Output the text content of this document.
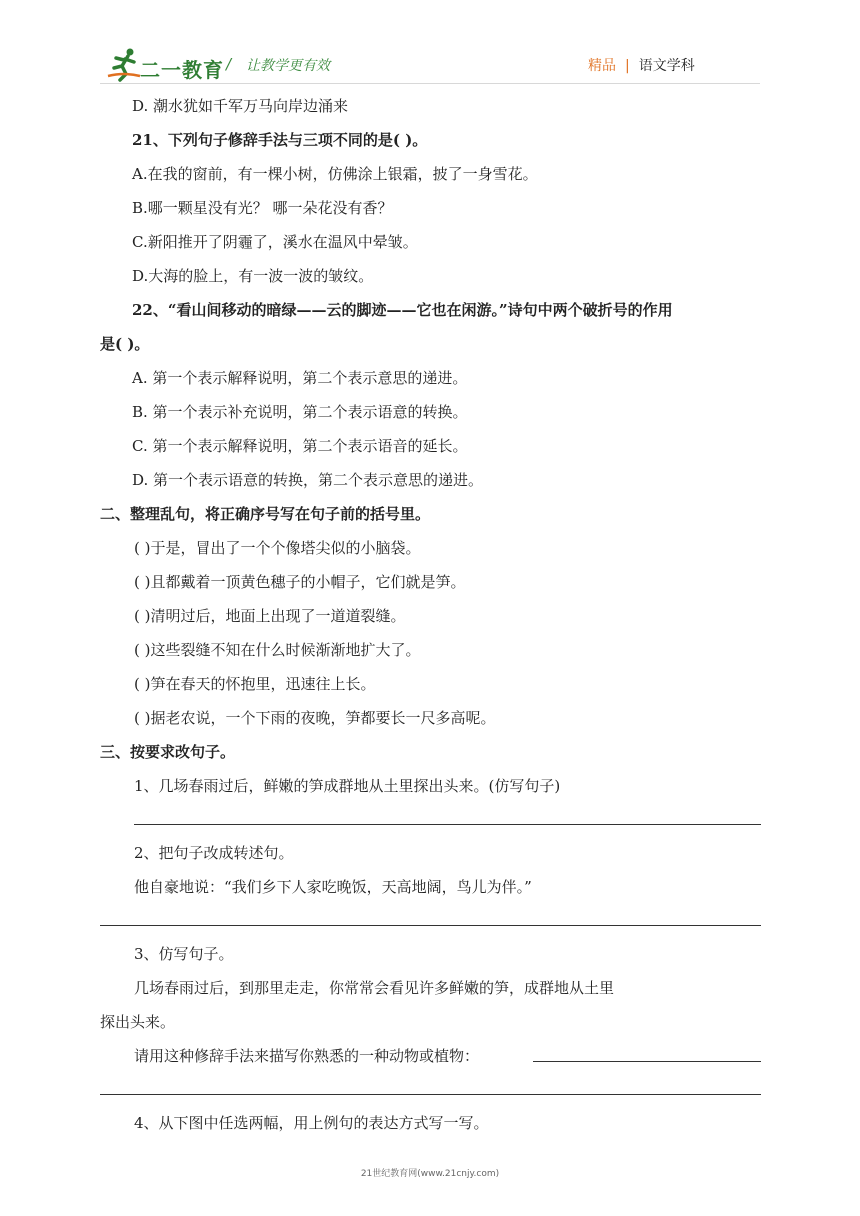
二一教育 / 让教学更有效	精品 | 语文学科
D. 潮水犹如千军万马向岸边涌来
21、下列句子修辞手法与三项不同的是( )。
A.在我的窗前，有一棵小树，仿佛涂上银霜，披了一身雪花。
B.哪一颗星没有光？ 哪一朵花没有香？
C.新阳推开了阴霾了，溪水在温风中晕皱。
D.大海的脸上，有一波一波的皱纹。
22、“看山间移动的暗绿——云的脚迹——它也在闲游。”诗句中两个破折号的作用
是( )。
A. 第一个表示解释说明，第二个表示意思的递进。
B. 第一个表示补充说明，第二个表示语意的转换。
C. 第一个表示解释说明，第二个表示语音的延长。
D. 第一个表示语意的转换，第二个表示意思的递进。
二、整理乱句，将正确序号写在句子前的括号里。
( )于是，冒出了一个个像塔尖似的小脑袋。
( )且都戴着一顶黄色穗子的小帽子，它们就是笋。
( )清明过后，地面上出现了一道道裂缝。
( )这些裂缝不知在什么时候渐渐地扩大了。
( )笋在春天的怀抱里，迅速往上长。
( )据老农说，一个下雨的夜晚，笋都要长一尺多高呢。
三、按要求改句子。
1、几场春雨过后，鲜嫩的笋成群地从土里探出头来。(仿写句子)
2、把句子改成转述句。
他自豪地说：“我们乡下人家吃晚饭，天高地阔，鸟儿为伴。”
3、仿写句子。
几场春雨过后，到那里走走，你常常会看见许多鲜嫩的笋，成群地从土里
探出头来。
请用这种修辞手法来描写你熟悉的一种动物或植物：
4、从下图中任选两幅，用上例句的表达方式写一写。
21世纪教育网(www.21cnjy.com)
